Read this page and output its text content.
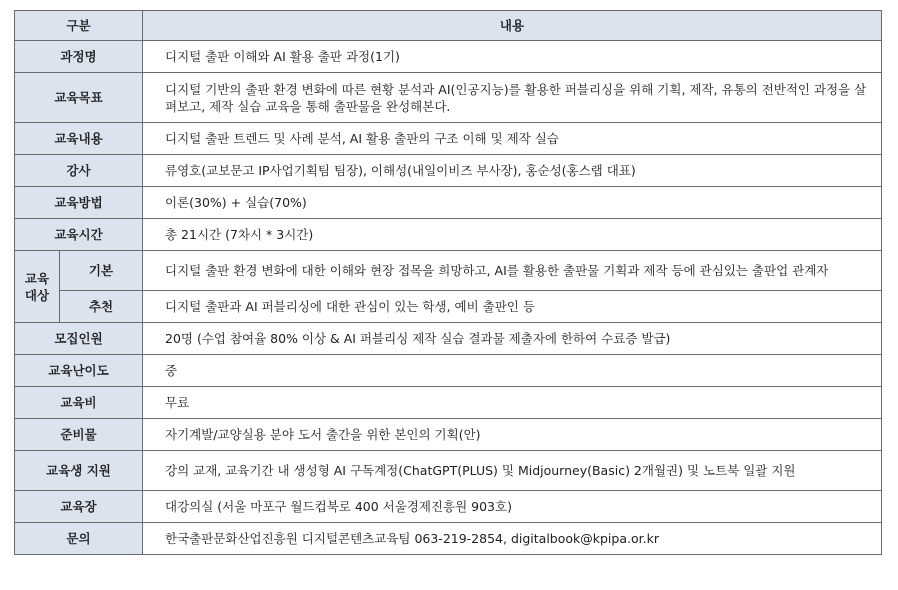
구분		내용
과정명		디지털 출판 이해와 AI 활용 출판 과정(1기)
교육목표		디지털 기반의 출판 환경 변화에 따른 현황 분석과 AI(인공지능)를 활용한 퍼블리싱을 위해 기획, 제작, 유통의 전반적인 과정을 살펴보고, 제작 실습 교육을 통해 출판물을 완성해본다.
교육내용		디지털 출판 트렌드 및 사례 분석, AI 활용 출판의 구조 이해 및 제작 실습
강사		류영호(교보문고 IP사업기획팀 팀장), 이해성(내일이비즈 부사장), 홍순성(홍스랩 대표)
교육방법		이론(30%) + 실습(70%)
교육시간		총 21시간 (7차시 * 3시간)

교육
대상	기본	디지털 출판 환경 변화에 대한 이해와 현장 접목을 희망하고, AI를 활용한 출판물 기획과 제작 등에 관심있는 출판업 관계자
	추천	디지털 출판과 AI 퍼블리싱에 대한 관심이 있는 학생, 예비 출판인 등
모집인원		20명 (수업 참여율 80% 이상 & AI 퍼블리싱 제작 실습 결과물 제출자에 한하여 수료증 발급)
교육난이도		중
교육비		무료
준비물		자기계발/교양실용 분야 도서 출간을 위한 본인의 기획(안)
교육생 지원		강의 교재, 교육기간 내 생성형 AI 구독계정(ChatGPT(PLUS) 및 Midjourney(Basic) 2개월권) 및 노트북 일괄 지원
교육장		대강의실 (서울 마포구 월드컵북로 400 서울경제진흥원 903호)
문의		한국출판문화산업진흥원 디지털콘텐츠교육팀 063-219-2854, digitalbook@kpipa.or.kr
